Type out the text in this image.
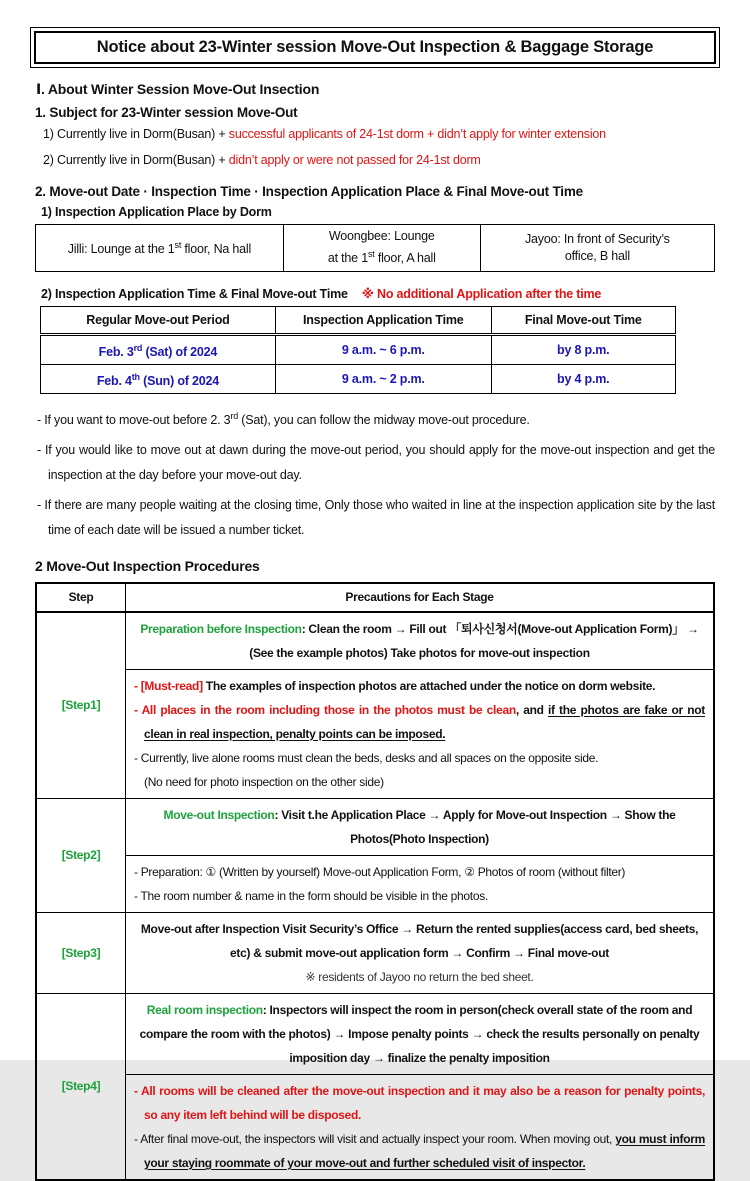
Notice about 23-Winter session Move-Out Inspection & Baggage Storage
Ⅰ. About Winter Session Move-Out Insection
1. Subject for 23-Winter session Move-Out
1) Currently live in Dorm(Busan) + successful applicants of 24-1st dorm + didn’t apply for winter extension
2) Currently live in Dorm(Busan) + didn’t apply or were not passed for 24-1st dorm
2. Move-out Date · Inspection Time · Inspection Application Place & Final Move-out Time
1) Inspection Application Place by Dorm
Jilli: Lounge at the 1st floor, Na hall	
Woongbee: Lounge
at the 1st floor, A hall

Jayoo: In front of Security’s
office, B hall
2) Inspection Application Time & Final Move-out Time ※ No additional Application after the time
Regular Move-out Period	Inspection Application Time	Final Move-out Time
Feb. 3rd (Sat) of 2024	9 a.m. ~ 6 p.m.	by 8 p.m.
Feb. 4th (Sun) of 2024	9 a.m. ~ 2 p.m.	by 4 p.m.
- If you want to move-out before 2. 3rd (Sat), you can follow the midway move-out procedure.
- If you would like to move out at dawn during the move-out period, you should apply for the move-out inspection and get the inspection at the day before your move-out day.
- If there are many people waiting at the closing time, Only those who waited in line at the inspection application site by the last time of each date will be issued a number ticket.
2 Move-Out Inspection Procedures
Step	Precautions for Each Stage
[Step1]	Preparation before Inspection: Clean the room → Fill out 「퇴사신청서(Move-out Application Form)」 → (See the example photos) Take photos for move-out inspection

	- [Must-read] The examples of inspection photos are attached under the notice on dorm website.
- All places in the room including those in the photos must be clean, and if the photos are fake or not clean in real inspection, penalty points can be imposed.
- Currently, live alone rooms must clean the beds, desks and all spaces on the opposite side.
(No need for photo inspection on the other side)

[Step2]	Move-out Inspection: Visit t.he Application Place → Apply for Move-out Inspection → Show the Photos(Photo Inspection)

	- Preparation: ① (Written by yourself) Move-out Application Form, ② Photos of room (without filter)
- The room number & name in the form should be visible in the photos.

[Step3]	Move-out after Inspection Visit Security’s Office → Return the rented supplies(access card, bed sheets, etc) & submit move-out application form → Confirm → Final move-out
※ residents of Jayoo no return the bed sheet.

[Step4]	Real room inspection: Inspectors will inspect the room in person(check overall state of the room and compare the room with the photos) → Impose penalty points → check the results personally on penalty imposition day → finalize the penalty imposition

	- All rooms will be cleaned after the move-out inspection and it may also be a reason for penalty points, so any item left behind will be disposed.
- After final move-out, the inspectors will visit and actually inspect your room. When moving out, you must inform your staying roommate of your move-out and further scheduled visit of inspector.
